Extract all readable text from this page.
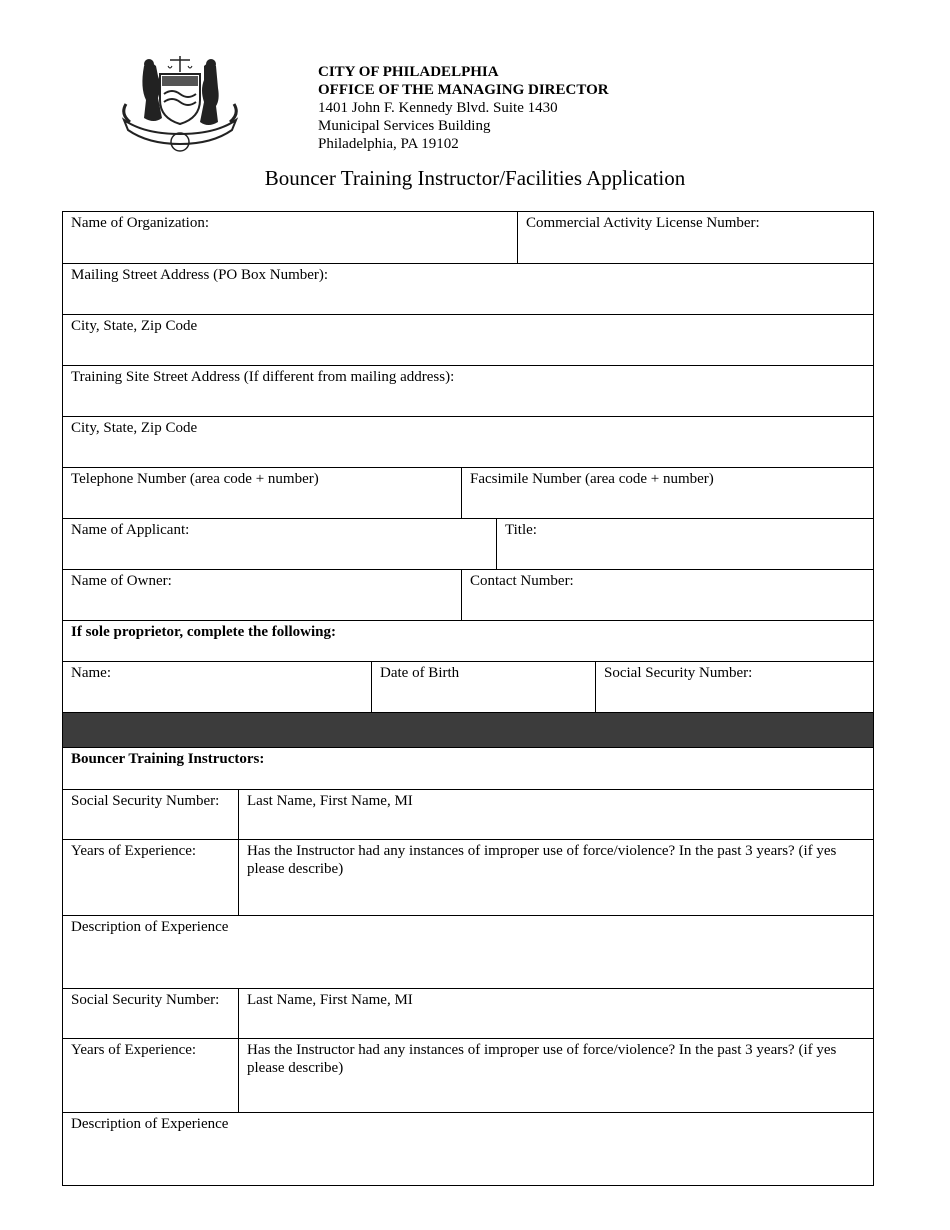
CITY OF PHILADELPHIA
OFFICE OF THE MANAGING DIRECTOR
1401 John F. Kennedy Blvd. Suite 1430
Municipal Services Building
Philadelphia, PA 19102
Bouncer Training Instructor/Facilities Application
Name of Organization:	Commercial Activity License Number:
Mailing Street Address (PO Box Number):
City, State, Zip Code
Training Site Street Address (If different from mailing address):
City, State, Zip Code
Telephone Number (area code + number)	Facsimile Number (area code + number)
Name of Applicant:	Title:
Name of Owner:	Contact Number:
If sole proprietor, complete the following:
Name:	Date of Birth	Social Security Number:
Bouncer Training Instructors:
Social Security Number:	Last Name, First Name, MI
Years of Experience:	Has the Instructor had any instances of improper use of force/violence? In the past 3 years? (if yes please describe)
Description of Experience
Social Security Number:	Last Name, First Name, MI
Years of Experience:	Has the Instructor had any instances of improper use of force/violence? In the past 3 years? (if yes please describe)
Description of Experience
